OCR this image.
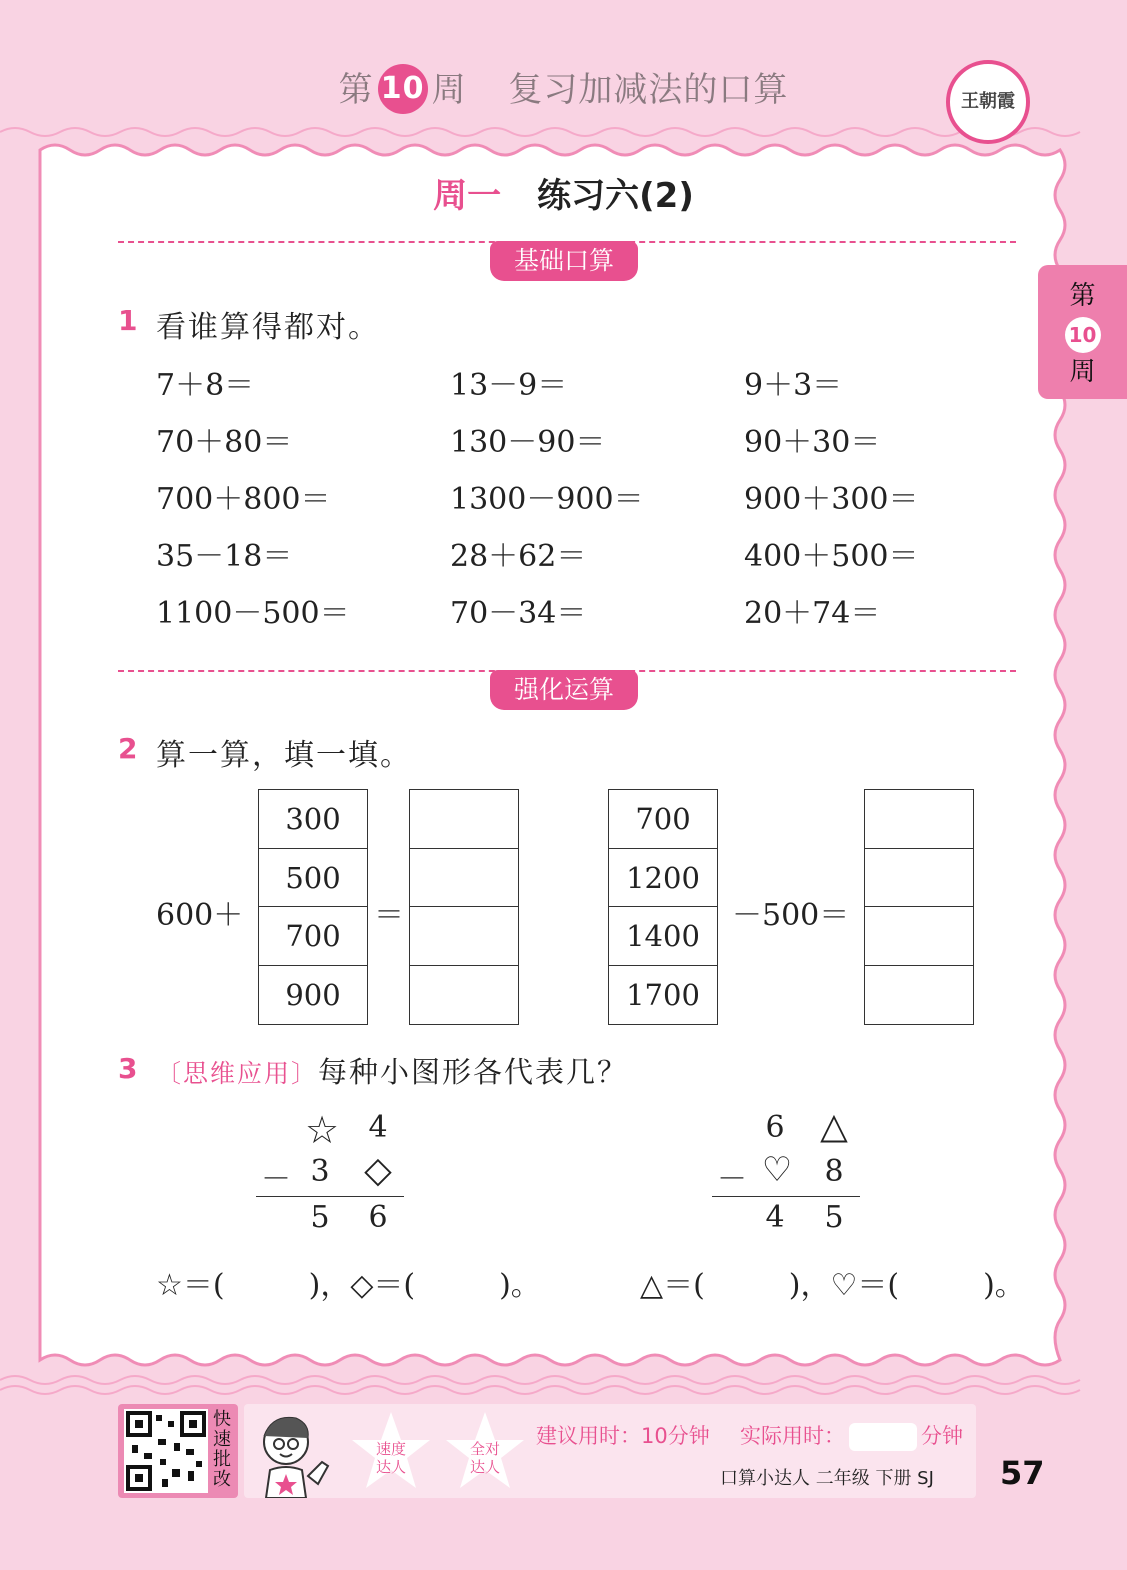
第 10 周 复习加减法的口算	王朝霞
第
10
周
周一 练习六(2)
基础口算
1 看谁算得都对。
7＋8＝	13－9＝	9＋3＝
70＋80＝	130－90＝	90＋30＝
700＋800＝	1300－900＝	900＋300＝
35－18＝	28＋62＝	400＋500＝
1100－500＝	70－34＝	20＋74＝
强化运算
2 算一算，填一填。
600＋
300
500
700
900
＝
700
1200
1400
1700
－500＝
3 〔思维应用〕每种小图形各代表几？
☆ 4
－ 3 ◇
5	6
6 △
－ ♡	8
4	5
☆＝(	)，◇＝(	)。	△＝(	)，♡＝(	)。
快
速
批
改
速度
达人
全对
达人
建议用时：10分钟 实际用时：	分钟
口算小达人 二年级 下册 SJ 57
